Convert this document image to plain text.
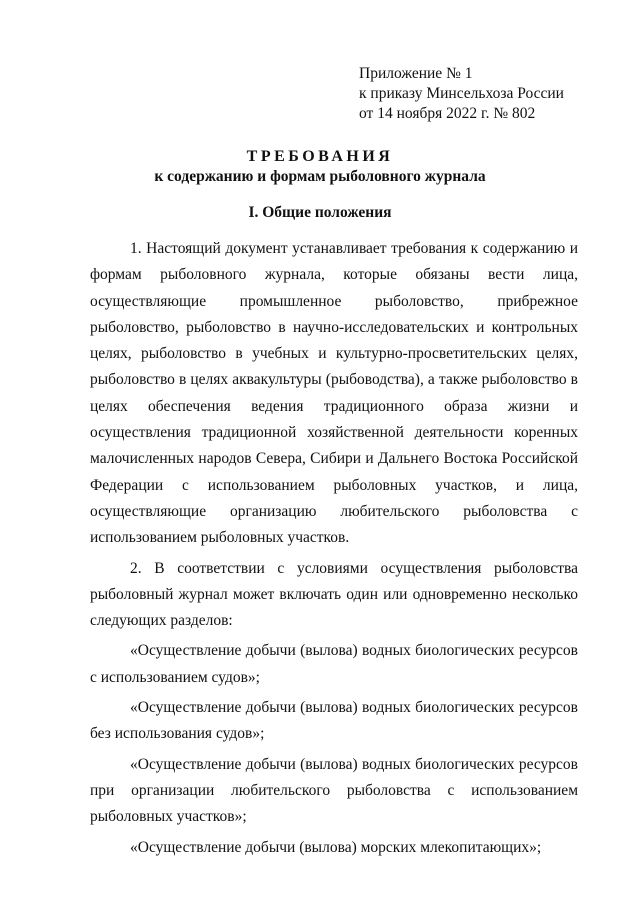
Приложение № 1
к приказу Минсельхоза России
от 14 ноября 2022 г. № 802
ТРЕБОВАНИЯ
к содержанию и формам рыболовного журнала
I. Общие положения

1. Настоящий документ устанавливает требования к содержанию и формам рыболовного журнала, которые обязаны вести лица, осуществляющие промышленное рыболовство, прибрежное рыболовство, рыболовство в научно-исследовательских и контрольных целях, рыболовство в учебных и культурно-просветительских целях, рыболовство в целях аквакультуры (рыбоводства), а также рыболовство в целях обеспечения ведения традиционного образа жизни и осуществления традиционной хозяйственной деятельности коренных малочисленных народов Севера, Сибири и Дальнего Востока Российской Федерации с использованием рыболовных участков, и лица, осуществляющие организацию любительского рыболовства с использованием рыболовных участков.

2. В соответствии с условиями осуществления рыболовства рыболовный журнал может включать один или одновременно несколько следующих разделов:

«Осуществление добычи (вылова) водных биологических ресурсов с использованием судов»;

«Осуществление добычи (вылова) водных биологических ресурсов без использования судов»;

«Осуществление добычи (вылова) водных биологических ресурсов при организации любительского рыболовства с использованием рыболовных участков»;

«Осуществление добычи (вылова) морских млекопитающих»;
